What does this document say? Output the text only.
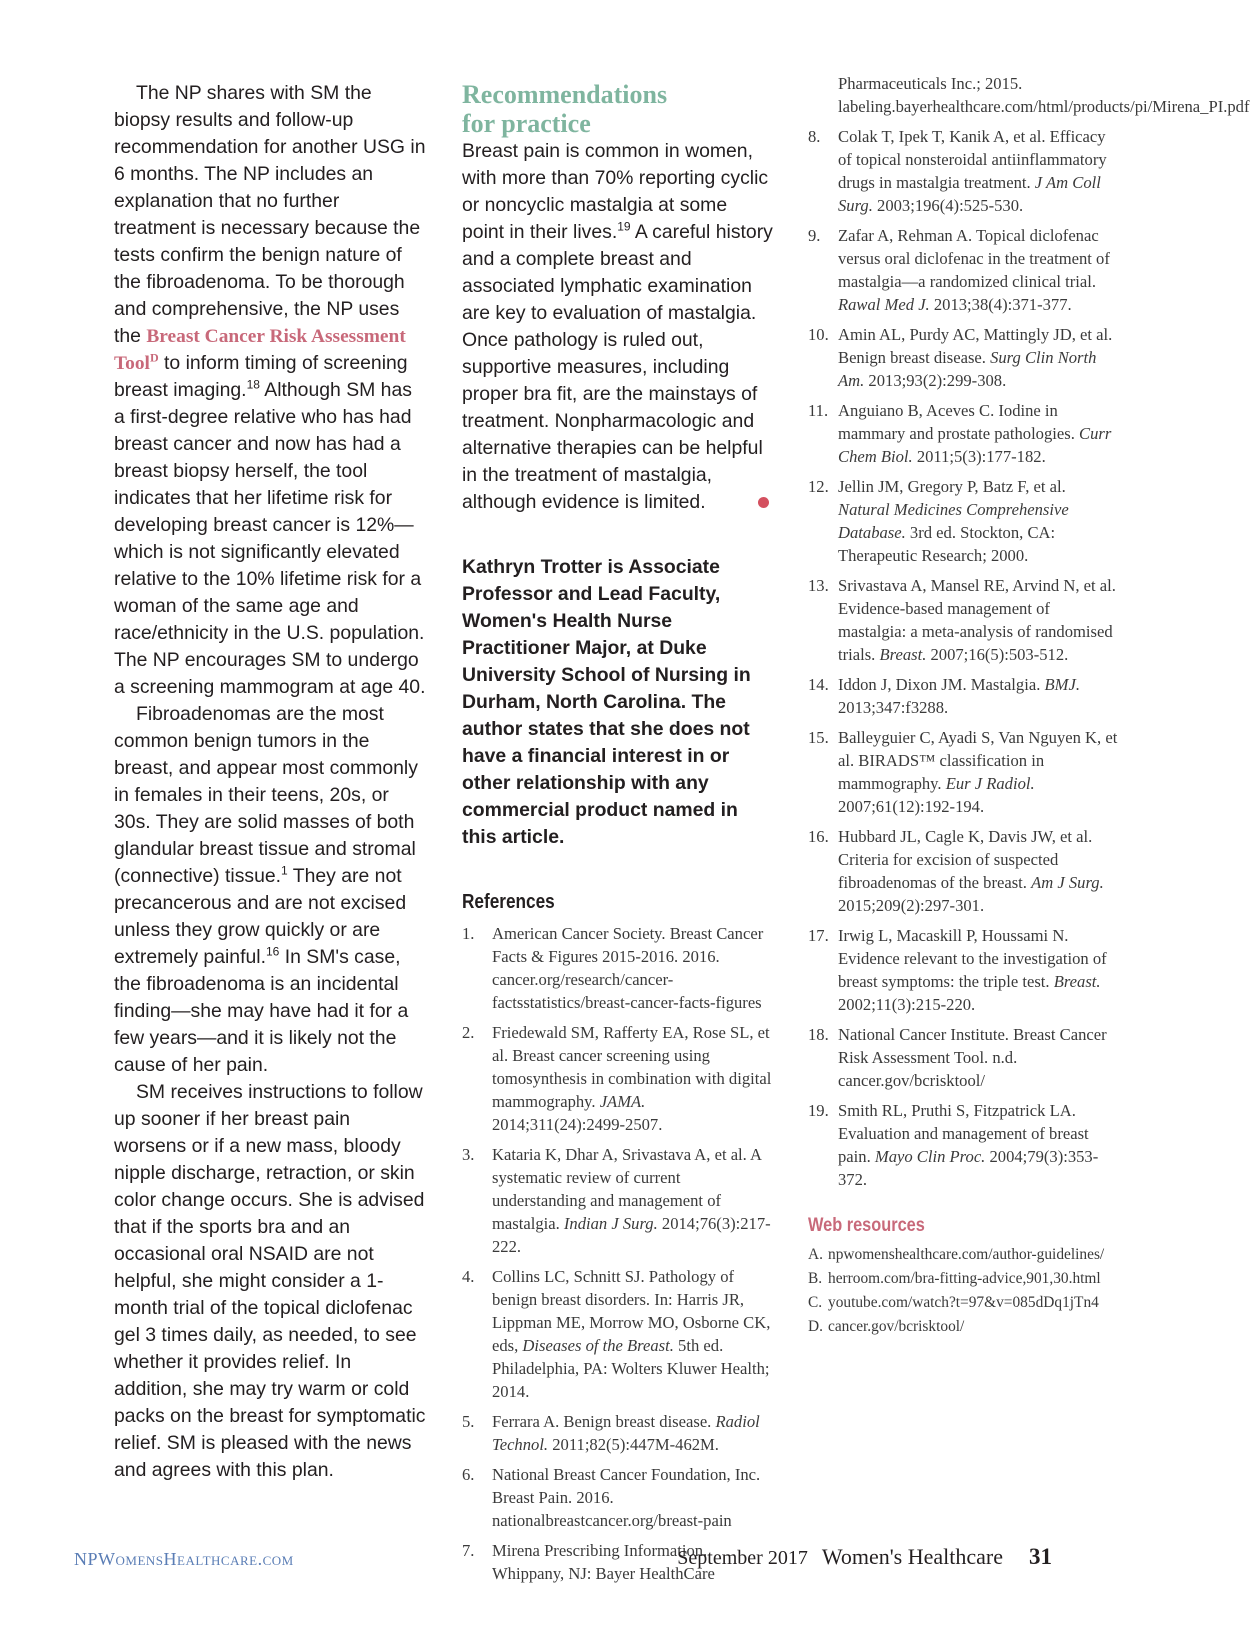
The NP shares with SM the biopsy results and follow-up recommendation for another USG in 6 months. The NP includes an explanation that no further treatment is necessary because the tests confirm the benign nature of the fibroadenoma. To be thorough and comprehensive, the NP uses the Breast Cancer Risk Assessment Tool$^D$ to inform timing of screening breast imaging.$^{18}$ Although SM has a first-degree relative who has had breast cancer and now has had a breast biopsy herself, the tool indicates that her lifetime risk for developing breast cancer is 12%—which is not significantly elevated relative to the 10% lifetime risk for a woman of the same age and race/ethnicity in the U.S. population. The NP encourages SM to undergo a screening mammogram at age 40.

Fibroadenomas are the most common benign tumors in the breast, and appear most commonly in females in their teens, 20s, or 30s. They are solid masses of both glandular breast tissue and stromal (connective) tissue.$^1$ They are not precancerous and are not excised unless they grow quickly or are extremely painful.$^{16}$ In SM's case, the fibroadenoma is an incidental finding—she may have had it for a few years—and it is likely not the cause of her pain.

SM receives instructions to follow up sooner if her breast pain worsens or if a new mass, bloody nipple discharge, retraction, or skin color change occurs. She is advised that if the sports bra and an occasional oral NSAID are not helpful, she might consider a 1-month trial of the topical diclofenac gel 3 times daily, as needed, to see whether it provides relief. In addition, she may try warm or cold packs on the breast for symptomatic relief. SM is pleased with the news and agrees with this plan.

Recommendations
for practice

Breast pain is common in women, with more than 70% reporting cyclic or noncyclic mastalgia at some point in their lives.$^{19}$ A careful history and a complete breast and associated lymphatic examination are key to evaluation of mastalgia. Once pathology is ruled out, supportive measures, including proper bra fit, are the mainstays of treatment. Nonpharmacologic and alternative therapies can be helpful in the treatment of mastalgia, although evidence is limited.

Kathryn Trotter is Associate Professor and Lead Faculty, Women's Health Nurse Practitioner Major, at Duke University School of Nursing in Durham, North Carolina. The author states that she does not have a financial interest in or other relationship with any commercial product named in this article.

References
1. American Cancer Society. Breast Cancer Facts & Figures 2015-2016. 2016. cancer.org/research/cancer-factsstatistics/breast-cancer-facts-figures
2. Friedewald SM, Rafferty EA, Rose SL, et al. Breast cancer screening using tomosynthesis in combination with digital mammography. JAMA. 2014;311(24):2499-2507.
3. Kataria K, Dhar A, Srivastava A, et al. A systematic review of current understanding and management of mastalgia. Indian J Surg. 2014;76(3):217-222.
4. Collins LC, Schnitt SJ. Pathology of benign breast disorders. In: Harris JR, Lippman ME, Morrow MO, Osborne CK, eds, Diseases of the Breast. 5th ed. Philadelphia, PA: Wolters Kluwer Health; 2014.
5. Ferrara A. Benign breast disease. Radiol Technol. 2011;82(5):447M-462M.
6. National Breast Cancer Foundation, Inc. Breast Pain. 2016. nationalbreastcancer.org/breast-pain
7. Mirena Prescribing Information. Whippany, NJ: Bayer HealthCare
Pharmaceuticals Inc.; 2015. labeling.bayerhealthcare.com/html/products/pi/Mirena_PI.pdf
8. Colak T, Ipek T, Kanik A, et al. Efficacy of topical nonsteroidal antiinflammatory drugs in mastalgia treatment. J Am Coll Surg. 2003;196(4):525-530.
9. Zafar A, Rehman A. Topical diclofenac versus oral diclofenac in the treatment of mastalgia—a randomized clinical trial. Rawal Med J. 2013;38(4):371-377.
10. Amin AL, Purdy AC, Mattingly JD, et al. Benign breast disease. Surg Clin North Am. 2013;93(2):299-308.
11. Anguiano B, Aceves C. Iodine in mammary and prostate pathologies. Curr Chem Biol. 2011;5(3):177-182.
12. Jellin JM, Gregory P, Batz F, et al. Natural Medicines Comprehensive Database. 3rd ed. Stockton, CA: Therapeutic Research; 2000.
13. Srivastava A, Mansel RE, Arvind N, et al. Evidence-based management of mastalgia: a meta-analysis of randomised trials. Breast. 2007;16(5):503-512.
14. Iddon J, Dixon JM. Mastalgia. BMJ. 2013;347:f3288.
15. Balleyguier C, Ayadi S, Van Nguyen K, et al. BIRADS™ classification in mammography. Eur J Radiol. 2007;61(12):192-194.
16. Hubbard JL, Cagle K, Davis JW, et al. Criteria for excision of suspected fibroadenomas of the breast. Am J Surg. 2015;209(2):297-301.
17. Irwig L, Macaskill P, Houssami N. Evidence relevant to the investigation of breast symptoms: the triple test. Breast. 2002;11(3):215-220.
18. National Cancer Institute. Breast Cancer Risk Assessment Tool. n.d. cancer.gov/bcrisktool/
19. Smith RL, Pruthi S, Fitzpatrick LA. Evaluation and management of breast pain. Mayo Clin Proc. 2004;79(3):353-372.
Web resources
A. npwomenshealthcare.com/author-guidelines/
B. herroom.com/bra-fitting-advice,901,30.html
C. youtube.com/watch?t=97&v=085dDq1jTn4
D. cancer.gov/bcrisktool/
NPWomensHealthcare.com	September 2017 Women's Healthcare 31
